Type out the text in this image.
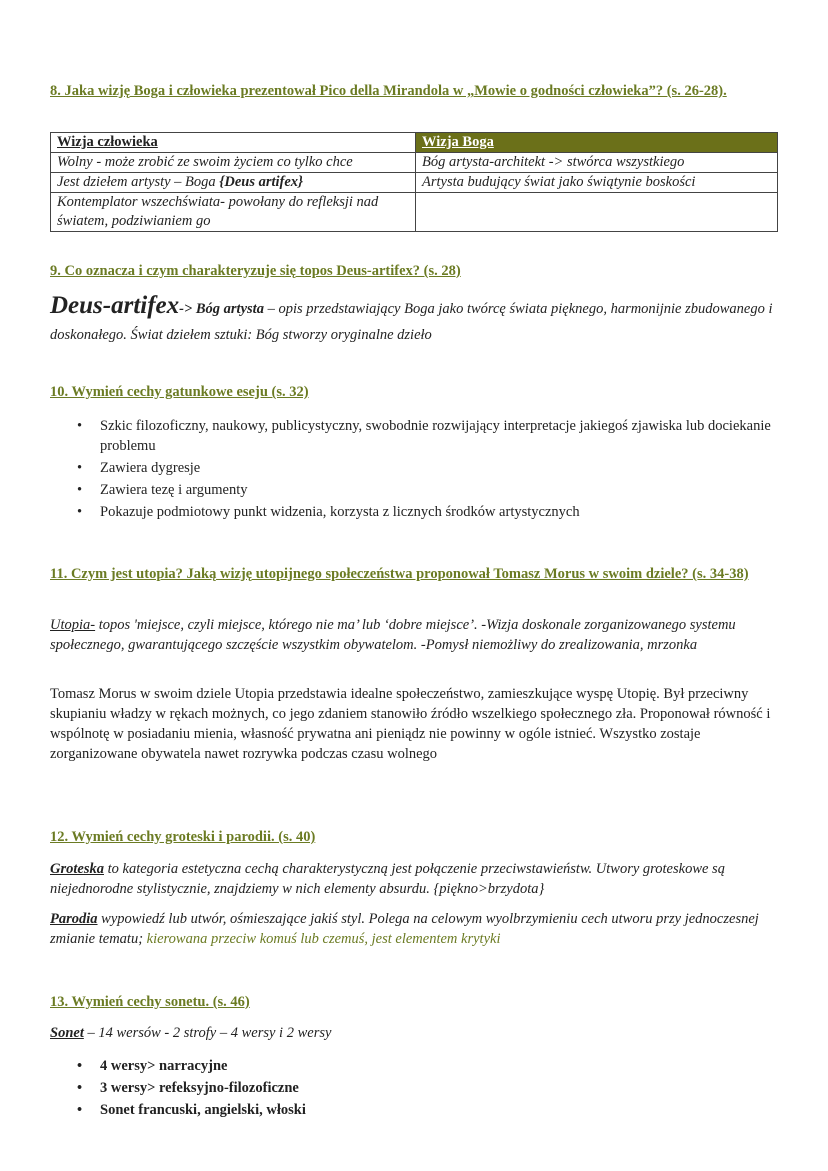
8. Jaka wizję Boga i człowieka prezentował Pico della Mirandola w „Mowie o godności człowieka”? (s. 26-28).
Wizja człowieka	Wizja Boga
Wolny - może zrobić ze swoim życiem co tylko chce	Bóg artysta-architekt -> stwórca wszystkiego
Jest dziełem artysty – Boga {Deus artifex}	Artysta budujący świat jako świątynie boskości
Kontemplator wszechświata- powołany do refleksji nad światem, podziwianiem go	
9. Co oznacza i czym charakteryzuje się topos Deus-artifex? (s. 28)
Deus-artifex-> Bóg artysta – opis przedstawiający Boga jako twórcę świata pięknego, harmonijnie zbudowanego i doskonałego. Świat dziełem sztuki: Bóg stworzy oryginalne dzieło
10. Wymień cechy gatunkowe eseju (s. 32)
• Szkic filozoficzny, naukowy, publicystyczny, swobodnie rozwijający interpretacje jakiegoś zjawiska lub dociekanie problemu
• Zawiera dygresje
• Zawiera tezę i argumenty
• Pokazuje podmiotowy punkt widzenia, korzysta z licznych środków artystycznych
11. Czym jest utopia? Jaką wizję utopijnego społeczeństwa proponował Tomasz Morus w swoim dziele? (s. 34-38)
Utopia- topos 'miejsce, czyli miejsce, którego nie ma’ lub ‘dobre miejsce’. -Wizja doskonale zorganizowanego systemu społecznego, gwarantującego szczęście wszystkim obywatelom. -Pomysł niemożliwy do zrealizowania, mrzonka
Tomasz Morus w swoim dziele Utopia przedstawia idealne społeczeństwo, zamieszkujące wyspę Utopię. Był przeciwny skupianiu władzy w rękach możnych, co jego zdaniem stanowiło źródło wszelkiego społecznego zła. Proponował równość i wspólnotę w posiadaniu mienia, własność prywatna ani pieniądz nie powinny w ogóle istnieć. Wszystko zostaje zorganizowane obywatela nawet rozrywka podczas czasu wolnego
12. Wymień cechy groteski i parodii. (s. 40)
Groteska to kategoria estetyczna cechą charakterystyczną jest połączenie przeciwstawieństw. Utwory groteskowe są niejednorodne stylistycznie, znajdziemy w nich elementy absurdu. {piękno>brzydota}
Parodia wypowiedź lub utwór, ośmieszające jakiś styl. Polega na celowym wyolbrzymieniu cech utworu przy jednoczesnej zmianie tematu; kierowana przeciw komuś lub czemuś, jest elementem krytyki
13. Wymień cechy sonetu. (s. 46)
Sonet – 14 wersów - 2 strofy – 4 wersy i 2 wersy
• 4 wersy> narracyjne
• 3 wersy> refeksyjno-filozoficzne
• Sonet francuski, angielski, włoski
